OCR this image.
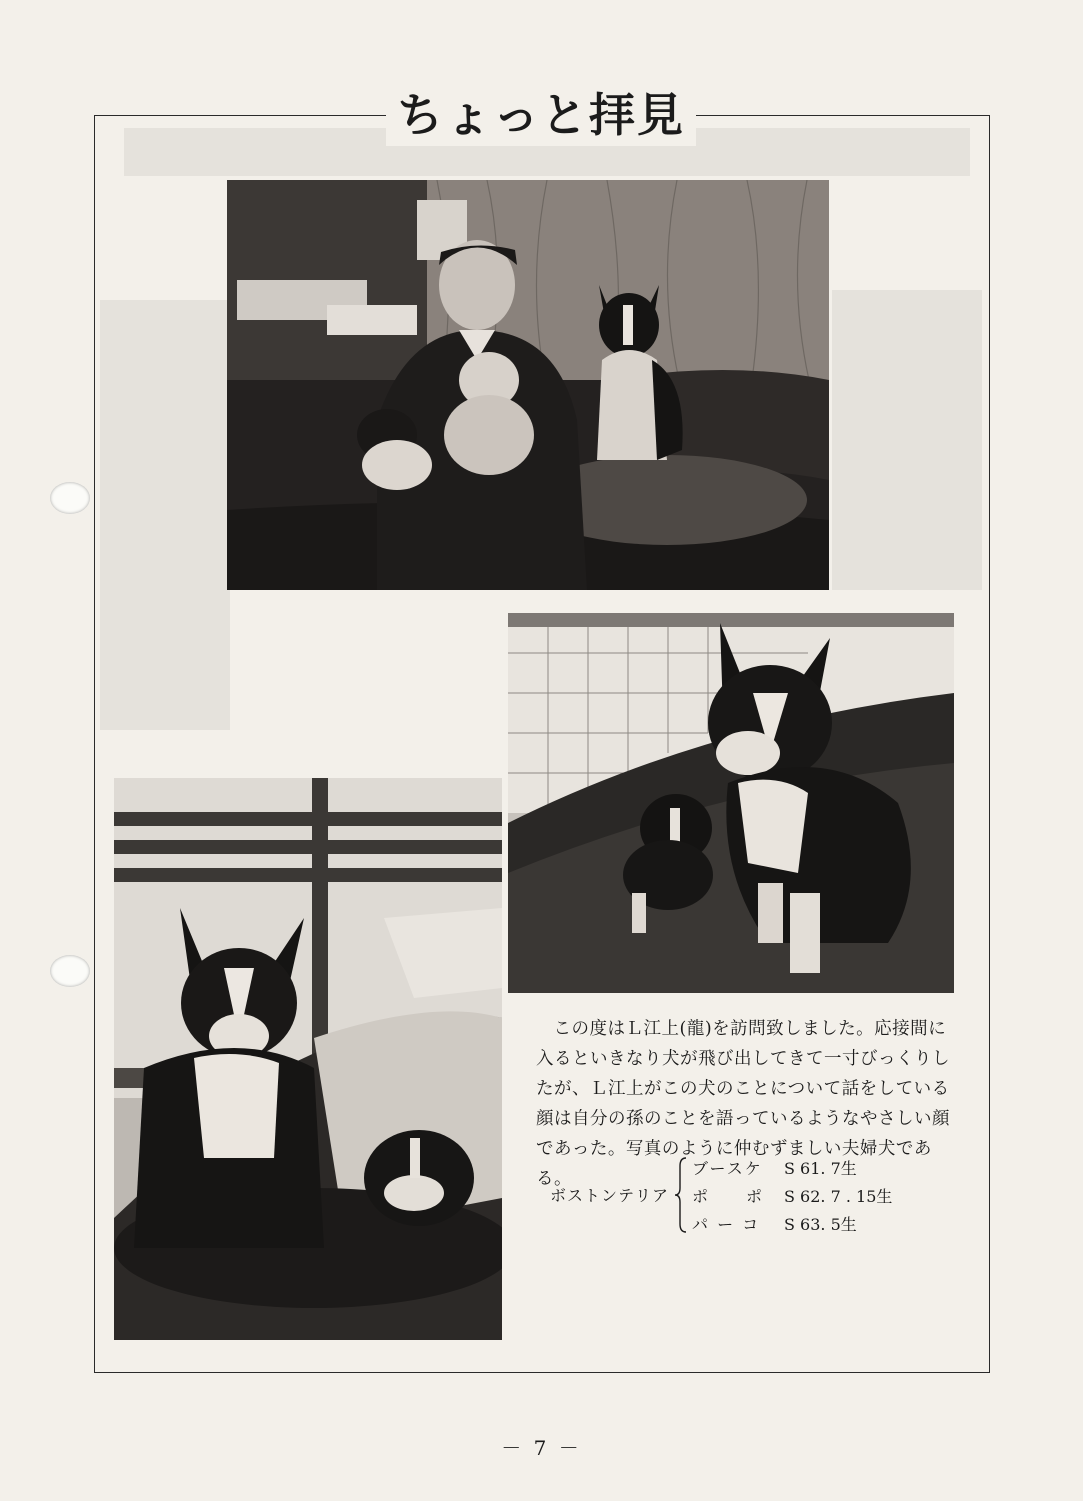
ちょっと拝見

この度はＬ江上(龍)を訪問致しました。応接間に

入るといきなり犬が飛び出してきて一寸びっくりし
たが、Ｌ江上がこの犬のことについて話をしている
顔は自分の孫のことを語っているようなやさしい顔
であった。写真のように仲むずましい夫婦犬である。
ボストンテリア
ブースケ	S 61. 7生
ポ　　ポ	S 62. 7 . 15生
パ ー コ	S 63. 5生
－ 7 －
